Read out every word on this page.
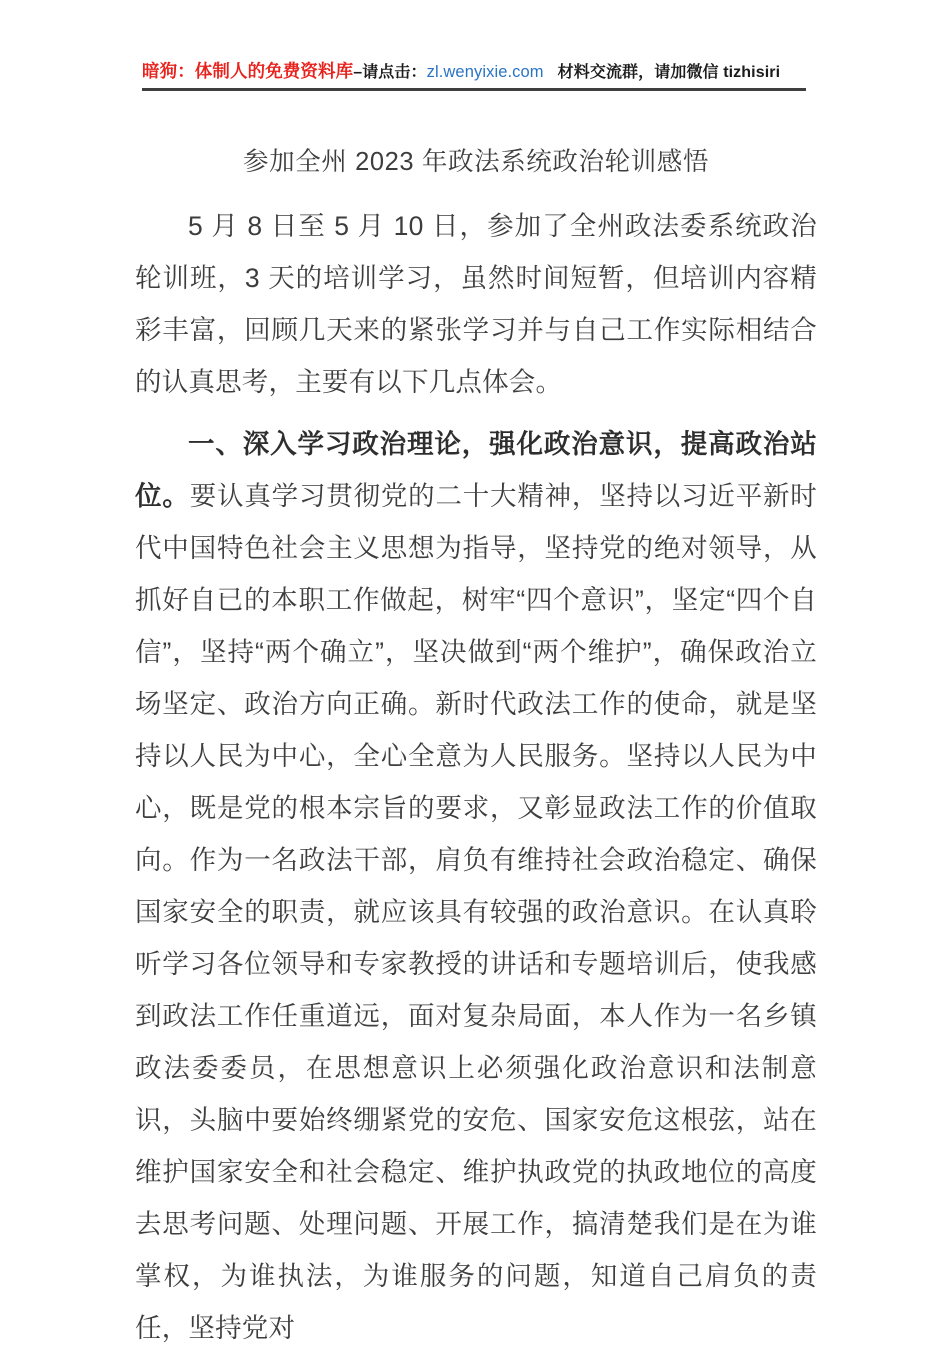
暗狗：体制人的免费资料库–请点击：zl.wenyixie.com 材料交流群，请加微信 tizhisiri
参加全州 2023 年政法系统政治轮训感悟

5 月 8 日至 5 月 10 日，参加了全州政法委系统政治轮训班，3 天的培训学习，虽然时间短暂，但培训内容精彩丰富，回顾几天来的紧张学习并与自己工作实际相结合的认真思考，主要有以下几点体会。

一、深入学习政治理论，强化政治意识，提高政治站位。要认真学习贯彻党的二十大精神，坚持以习近平新时代中国特色社会主义思想为指导，坚持党的绝对领导，从抓好自已的本职工作做起，树牢“四个意识”，坚定“四个自信”，坚持“两个确立”，坚决做到“两个维护”，确保政治立场坚定、政治方向正确。新时代政法工作的使命，就是坚持以人民为中心，全心全意为人民服务。坚持以人民为中心，既是党的根本宗旨的要求，又彰显政法工作的价值取向。作为一名政法干部，肩负有维持社会政治稳定、确保国家安全的职责，就应该具有较强的政治意识。在认真聆听学习各位领导和专家教授的讲话和专题培训后，使我感到政法工作任重道远，面对复杂局面，本人作为一名乡镇政法委委员，在思想意识上必须强化政治意识和法制意识，头脑中要始终绷紧党的安危、国家安危这根弦，站在维护国家安全和社会稳定、维护执政党的执政地位的高度去思考问题、处理问题、开展工作，搞清楚我们是在为谁掌权，为谁执法，为谁服务的问题，知道自己肩负的责任，坚持党对
